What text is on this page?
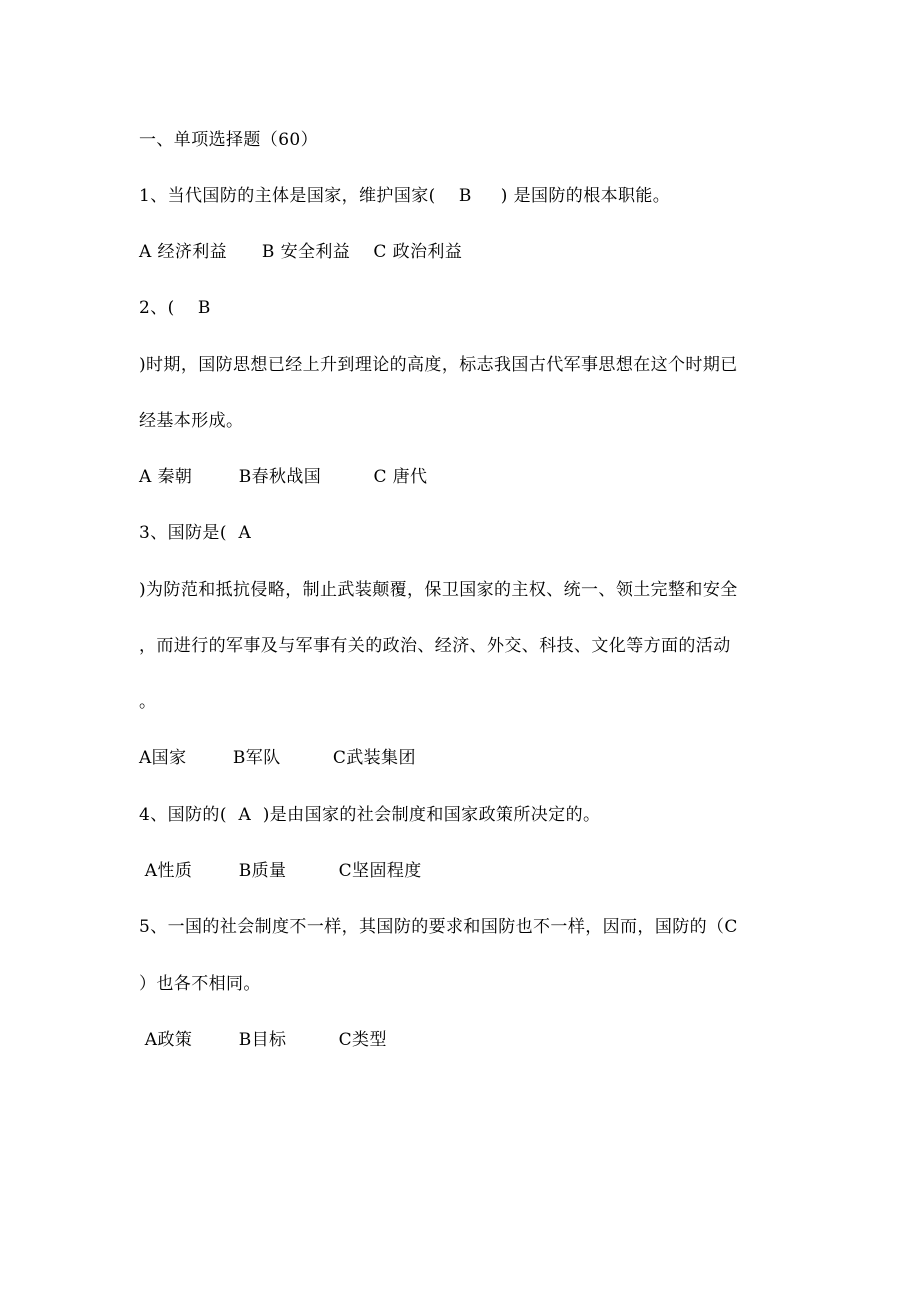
一、单项选择题（60）
1、当代国防的主体是国家，维护国家(    B     ) 是国防的根本职能。
A 经济利益      B 安全利益    C 政治利益
2、(    B
)时期，国防思想已经上升到理论的高度，标志我国古代军事思想在这个时期已
经基本形成。
A 秦朝        B春秋战国         C 唐代
3、国防是(  A
)为防范和抵抗侵略，制止武装颠覆，保卫国家的主权、统一、领土完整和安全
，而进行的军事及与军事有关的政治、经济、外交、科技、文化等方面的活动
。
A国家        B军队         C武装集团
4、国防的(  A  )是由国家的社会制度和国家政策所决定的。
A性质        B质量         C坚固程度
5、一国的社会制度不一样，其国防的要求和国防也不一样，因而，国防的（C
）也各不相同。
A政策        B目标         C类型
